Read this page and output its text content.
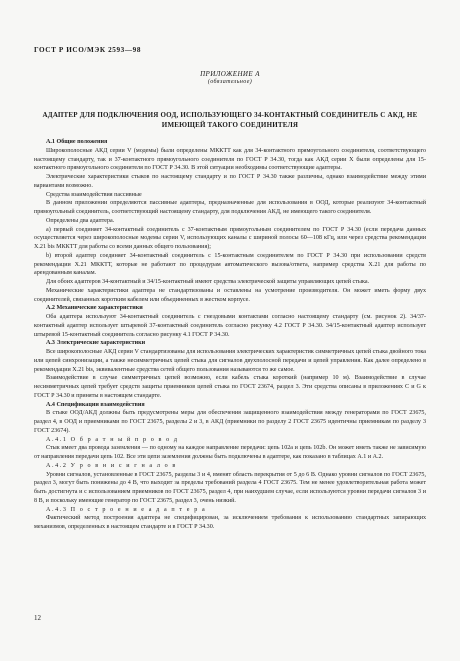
ГОСТ Р ИСО/МЭК 2593—98
ПРИЛОЖЕНИЕ А
(обязательное)
АДАПТЕР ДЛЯ ПОДКЛЮЧЕНИЯ ООД, ИСПОЛЬЗУЮЩЕГО 34-КОНТАКТНЫЙ СОЕДИНИТЕЛЬ С АКД, НЕ ИМЕЮЩЕЙ ТАКОГО СОЕДИНИТЕЛЯ

А.1 Общие положения

Широкополосные АКД серии V (модемы) были определены МККТТ как для 34-контактного прямоугольного соединителя, соответствующего настоящему стандарту, так и 37-контактного прямоугольного соединителя по ГОСТ Р 34.30, тогда как АКД серии X были определены для 15-контактного прямоугольного соединителя по ГОСТ Р 34.30. В этой ситуации необходимы соответствующие адаптеры.

Электрические характеристики стыков по настоящему стандарту и по ГОСТ Р 34.30 также различны, однако взаимодействие между этими вариантами возможно.

Средства взаимодействия пассивные

В данном приложении определяются пассивные адаптеры, предназначенные для использования в ООД, которые реализуют 34-контактный прямоугольный соединитель, соответствующий настоящему стандарту, для подключения АКД, не имеющего такого соединителя.

Определены два адаптера.

а) первый соединяет 34-контактный соединитель с 37-контактным прямоугольным соединителем по ГОСТ Р 34.30 (если передача данных осуществляется через широкополосные модемы серии V, использующих каналы с шириной полосы 60—108 кГц, или через средства рекомендации Х.21 bis МККТТ для работы со всеми данных общего пользования);

b) второй адаптер соединяет 34-контактный соединитель с 15-контактным соединителем по ГОСТ Р 34.30 при использовании средств рекомендации Х.21 МККТТ, которые не работают по процедурам автоматического вызова/ответа, например средства Х.21 для работы по арендованным каналам.

Для обоих адаптеров 34-контактный и 34/15-контактный имеют средства электрической защиты управляющих цепей стыка.

Механические характеристики адаптера не стандартизованы и оставлены на усмотрение производителя. Он может иметь форму двух соединителей, связанных коротким кабелем или объединенных в жестком корпусе.

А.2 Механические характеристики

Оба адаптера используют 34-контактный соединитель с гнездовыми контактами согласно настоящему стандарту (см. рисунок 2). 34/37-контактный адаптер использует штыревой 37-контактный соединитель согласно рисунку 4.2 ГОСТ Р 34.30. 34/15-контактный адаптер использует штыревой 15-контактный соединитель согласно рисунку 4.1 ГОСТ Р 34.30.

А.3 Электрические характеристики

Все широкополосные АКД серии V стандартизованы для использования электрических характеристик симметричных цепей стыка двойного тока или цепей синхронизации, а также несимметричных цепей стыка для сигналов двухполосной передачи и цепей управления. Как далее определено в рекомендации Х.21 bis, эквивалентные средства сетей общего пользования называются то же самое.

Взаимодействие в случае симметричных цепей возможно, если кабель стыка короткий (например 10 м). Взаимодействие в случае несимметричных цепей требует средств защиты приемников цепей стыка по ГОСТ 23674, раздел 3. Эти средства описаны в приложениях С и G к ГОСТ Р 34.30 и приняты в настоящем стандарте.

А.4 Спецификации взаимодействия

В стыке ООД/АКД должны быть предусмотрены меры для обеспечения защищенного взаимодействия между генераторами по ГОСТ 23675, раздел 4, в ООД и приемниками по ГОСТ 23675, разделы 2 и 3, в АКД (приемники по разделу 2 ГОСТ 23675 идентичны приемникам по разделу 3 ГОСТ 23674).

А.4.1 О б р а т н ы й п р о в о д

Стык имеет два провода заземления — по одному на каждое направление передачи: цепь 102а и цепь 102b. Он может иметь также не зависимую от направления передачи цепь 102. Все эти цепи заземления должны быть подключены в адаптере, как показано в таблицах А.1 и А.2.

А.4.2 У р о в н и с и г н а л о в

Уровни сигналов, установленные в ГОСТ 23675, разделы 3 и 4, вменят область перекрытия от 5 до 6 В. Однако уровни сигналов по ГОСТ 23675, раздел 3, могут быть понижены до 4 В, что выходит за пределы требований раздела 4 ГОСТ 23675. Тем не менее удовлетворительная работа может быть достигнута и с использованием приемников по ГОСТ 23675, раздел 4, при наихудшем случае, если используются уровни передачи сигналов 3 и 8 В, и поскольку имеющие генератор по ГОСТ 23675, раздел 3, очень низкий.

А.4.3 П о с т р о е н и е а д а п т е р а

Фактический метод построения адаптера не специфицирован, за исключением требования к использованию стандартных запирающих механизмов, определенных в настоящем стандарте и в ГОСТ Р 34.30.

12
